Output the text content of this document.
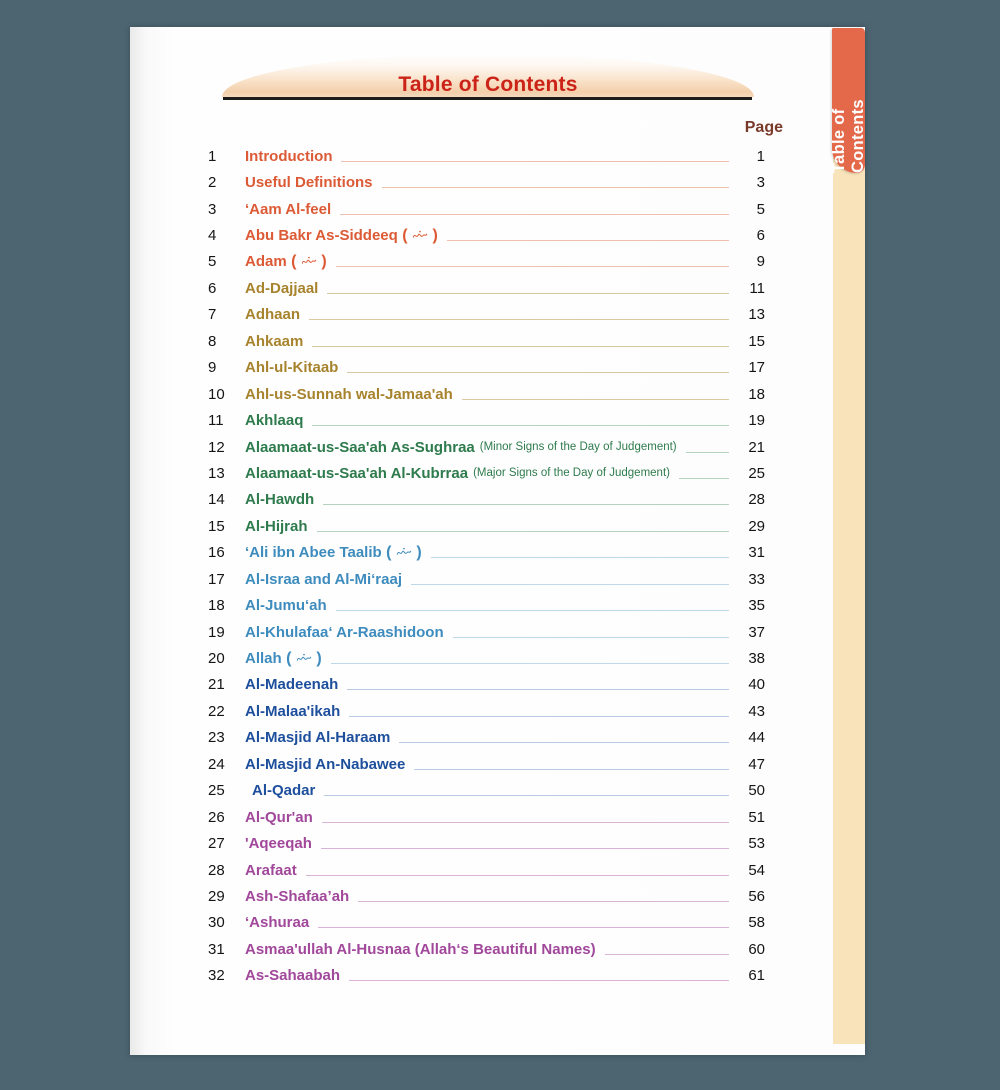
Table of Contents
Page
1	Introduction	1
2	Useful Definitions	3
3	‘Aam Al-feel	5
4	Abu Bakr As-Siddeeq (  )	6
5	Adam (  )	9
6	Ad-Dajjaal	11
7	Adhaan	13
8	Ahkaam	15
9	Ahl-ul-Kitaab	17
10	Ahl-us-Sunnah wal-Jamaa'ah	18
11	Akhlaaq	19
12	Alaamaat-us-Saa'ah As-Sughraa (Minor Signs of the Day of Judgement)	21
13	Alaamaat-us-Saa'ah Al-Kubrraa (Major Signs of the Day of Judgement)	25
14	Al-Hawdh	28
15	Al-Hijrah	29
16	‘Ali ibn Abee Taalib (  )	31
17	Al-Israa and Al-Mi‘raaj	33
18	Al-Jumu‘ah	35
19	Al-Khulafaa‘ Ar-Raashidoon	37
20	Allah (  )	38
21	Al-Madeenah	40
22	Al-Malaa'ikah	43
23	Al-Masjid Al-Haraam	44
24	Al-Masjid An-Nabawee	47
25	Al-Qadar	50
26	Al-Qur'an	51
27	'Aqeeqah	53
28	Arafaat	54
29	Ash-Shafaa’ah	56
30	‘Ashuraa	58
31	Asmaa'ullah Al-Husnaa (Allah‘s Beautiful Names)	60
32	As-Sahaabah	61
Table of Contents
